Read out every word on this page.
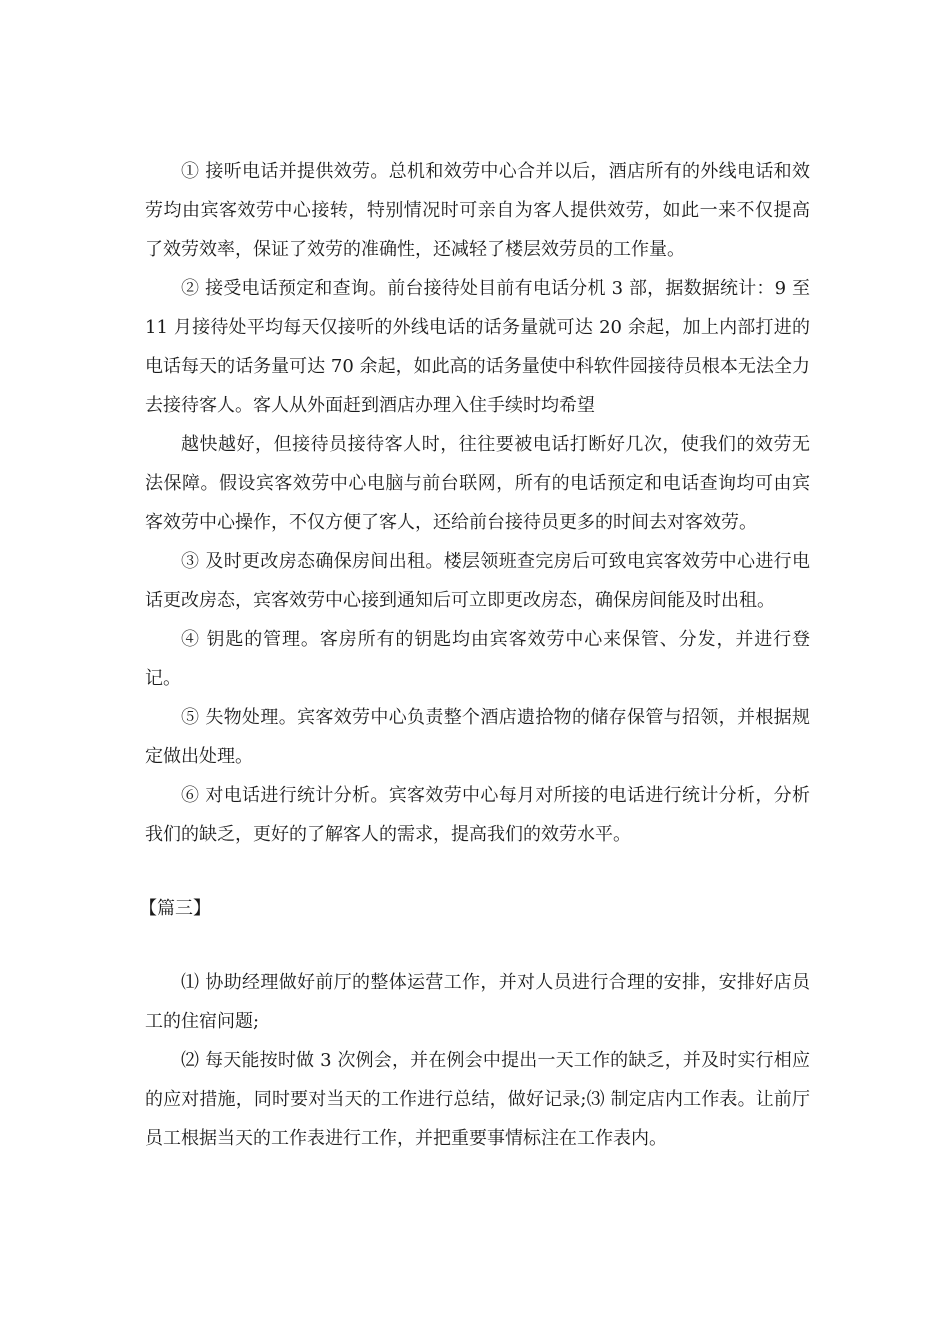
① 接听电话并提供效劳。总机和效劳中心合并以后，酒店所有的外线电话和效劳均由宾客效劳中心接转，特别情况时可亲自为客人提供效劳，如此一来不仅提高了效劳效率，保证了效劳的准确性，还减轻了楼层效劳员的工作量。

② 接受电话预定和查询。前台接待处目前有电话分机 3 部，据数据统计：9 至 11 月接待处平均每天仅接听的外线电话的话务量就可达 20 余起，加上内部打进的电话每天的话务量可达 70 余起，如此高的话务量使中科软件园接待员根本无法全力去接待客人。客人从外面赶到酒店办理入住手续时均希望

越快越好，但接待员接待客人时，往往要被电话打断好几次，使我们的效劳无法保障。假设宾客效劳中心电脑与前台联网，所有的电话预定和电话查询均可由宾客效劳中心操作，不仅方便了客人，还给前台接待员更多的时间去对客效劳。

③ 及时更改房态确保房间出租。楼层领班查完房后可致电宾客效劳中心进行电话更改房态，宾客效劳中心接到通知后可立即更改房态，确保房间能及时出租。

④ 钥匙的管理。客房所有的钥匙均由宾客效劳中心来保管、分发，并进行登记。

⑤ 失物处理。宾客效劳中心负责整个酒店遗拾物的储存保管与招领，并根据规定做出处理。

⑥ 对电话进行统计分析。宾客效劳中心每月对所接的电话进行统计分析，分析我们的缺乏，更好的了解客人的需求，提高我们的效劳水平。

【篇三】

⑴ 协助经理做好前厅的整体运营工作，并对人员进行合理的安排，安排好店员工的住宿问题;

⑵ 每天能按时做 3 次例会，并在例会中提出一天工作的缺乏，并及时实行相应的应对措施，同时要对当天的工作进行总结，做好记录;⑶ 制定店内工作表。让前厅员工根据当天的工作表进行工作，并把重要事情标注在工作表内。
